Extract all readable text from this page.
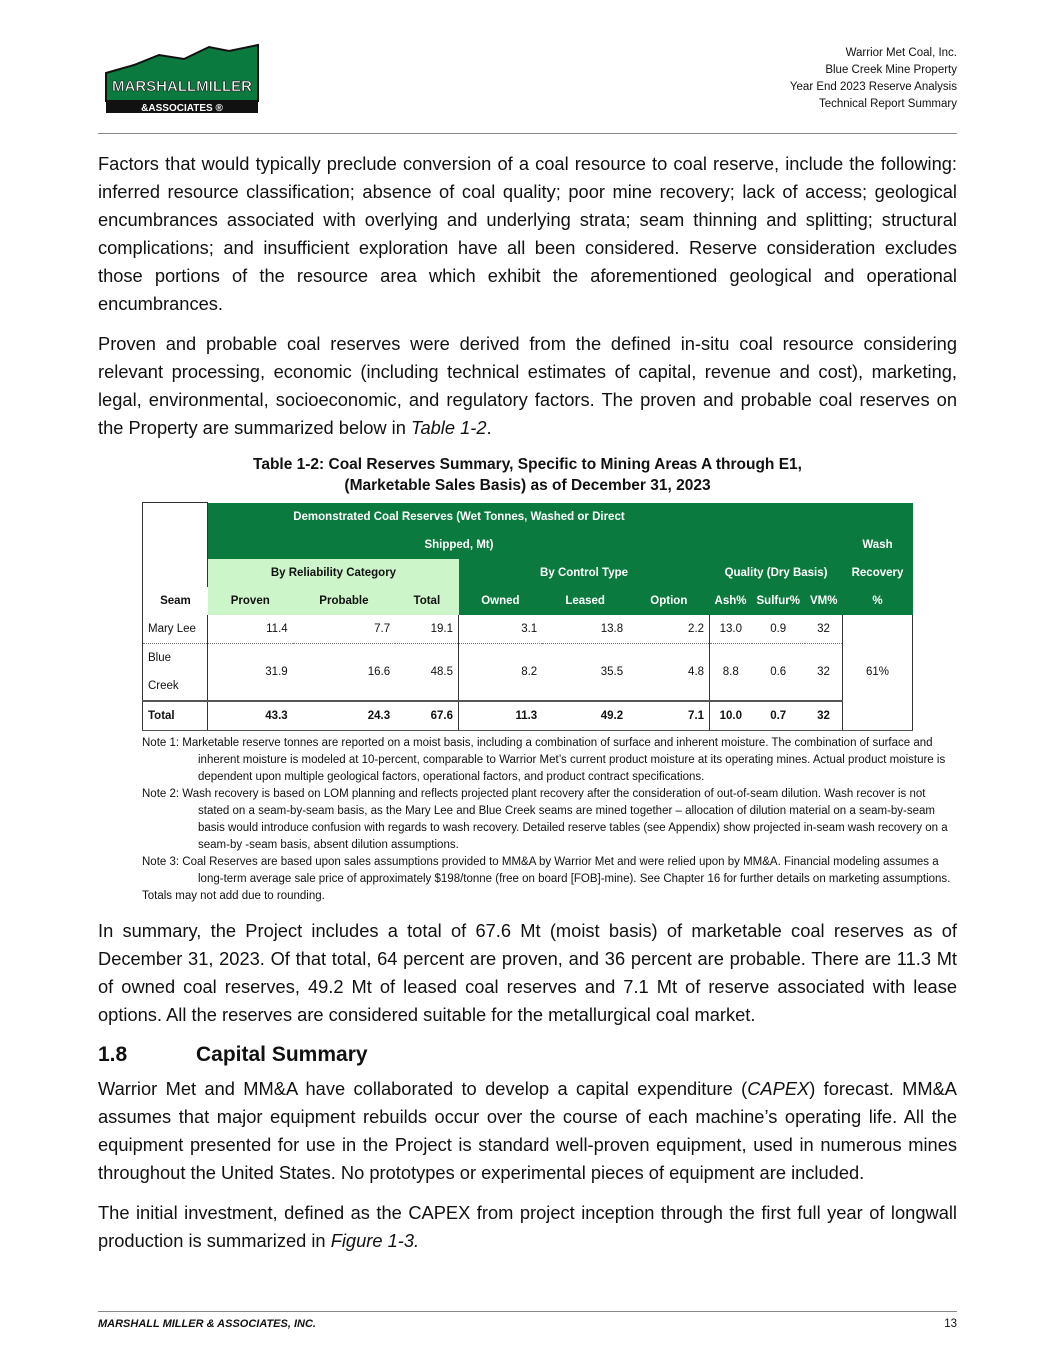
MARSHALLMILLER
&ASSOCIATES ®
Warrior Met Coal, Inc.
Blue Creek Mine Property
Year End 2023 Reserve Analysis
Technical Report Summary

Factors that would typically preclude conversion of a coal resource to coal reserve, include the following: inferred resource classification; absence of coal quality; poor mine recovery; lack of access; geological encumbrances associated with overlying and underlying strata; seam thinning and splitting; structural complications; and insufficient exploration have all been considered. Reserve consideration excludes those portions of the resource area which exhibit the aforementioned geological and operational encumbrances.

Proven and probable coal reserves were derived from the defined in-situ coal resource considering relevant processing, economic (including technical estimates of capital, revenue and cost), marketing, legal, environmental, socioeconomic, and regulatory factors. The proven and probable coal reserves on the Property are summarized below in Table 1-2.

Table 1-2: Coal Reserves Summary, Specific to Mining Areas A through E1,
(Marketable Sales Basis) as of December 31, 2023
	Demonstrated Coal Reserves (Wet Tonnes, Washed or Direct Shipped, Mt)						Quality (Dry Basis)			Wash Recovery %
	By Reliability Category			By Control Type						
Seam	Proven	Probable	Total	Owned	Leased	Option	Ash%	Sulfur%	VM%	
Mary Lee	11.4	7.7	19.1	3.1	13.8	2.2	13.0	0.9	32	61%
Blue Creek	31.9	16.6	48.5	8.2	35.5	4.8	8.8	0.6	32	
Total	43.3	24.3	67.6	11.3	49.2	7.1	10.0	0.7	32	
Note 1: Marketable reserve tonnes are reported on a moist basis, including a combination of surface and inherent moisture. The combination of surface and inherent moisture is modeled at 10-percent, comparable to Warrior Met’s current product moisture at its operating mines. Actual product moisture is dependent upon multiple geological factors, operational factors, and product contract specifications.
Note 2: Wash recovery is based on LOM planning and reflects projected plant recovery after the consideration of out-of-seam dilution. Wash recover is not stated on a seam-by-seam basis, as the Mary Lee and Blue Creek seams are mined together – allocation of dilution material on a seam-by-seam basis would introduce confusion with regards to wash recovery. Detailed reserve tables (see Appendix) show projected in-seam wash recovery on a seam-by -seam basis, absent dilution assumptions.
Note 3: Coal Reserves are based upon sales assumptions provided to MM&A by Warrior Met and were relied upon by MM&A. Financial modeling assumes a long-term average sale price of approximately $198/tonne (free on board [FOB]-mine). See Chapter 16 for further details on marketing assumptions.
Totals may not add due to rounding.

In summary, the Project includes a total of 67.6 Mt (moist basis) of marketable coal reserves as of December 31, 2023. Of that total, 64 percent are proven, and 36 percent are probable. There are 11.3 Mt of owned coal reserves, 49.2 Mt of leased coal reserves and 7.1 Mt of reserve associated with lease options. All the reserves are considered suitable for the metallurgical coal market.

1.8	Capital Summary

Warrior Met and MM&A have collaborated to develop a capital expenditure (CAPEX) forecast. MM&A assumes that major equipment rebuilds occur over the course of each machine’s operating life. All the equipment presented for use in the Project is standard well-proven equipment, used in numerous mines throughout the United States. No prototypes or experimental pieces of equipment are included.

The initial investment, defined as the CAPEX from project inception through the first full year of longwall production is summarized in Figure 1-3.

MARSHALL MILLER & ASSOCIATES, INC.	13
